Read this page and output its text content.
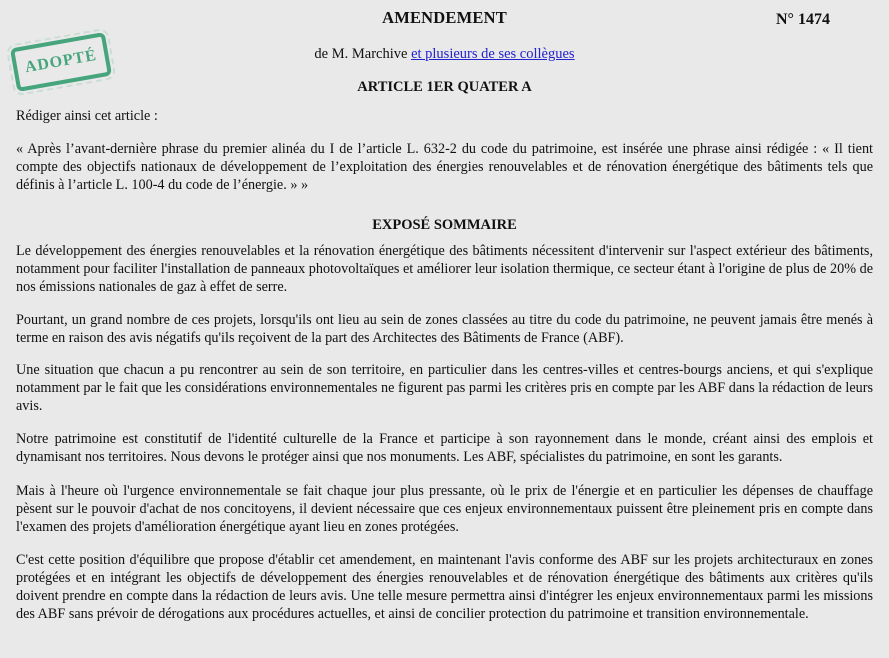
AMENDEMENT	N° 1474
ADOPTÉ	de M. Marchive et plusieurs de ses collègues
ARTICLE 1ER QUATER A

Rédiger ainsi cet article :

« Après l’avant-dernière phrase du premier alinéa du I de l’article L. 632-2 du code du patrimoine, est insérée une phrase ainsi rédigée : « Il tient compte des objectifs nationaux de développement de l’exploitation des énergies renouvelables et de rénovation énergétique des bâtiments tels que définis à l’article L. 100-4 du code de l’énergie. » »

EXPOSÉ SOMMAIRE

Le développement des énergies renouvelables et la rénovation énergétique des bâtiments nécessitent d'intervenir sur l'aspect extérieur des bâtiments, notamment pour faciliter l'installation de panneaux photovoltaïques et améliorer leur isolation thermique, ce secteur étant à l'origine de plus de 20% de nos émissions nationales de gaz à effet de serre.

Pourtant, un grand nombre de ces projets, lorsqu'ils ont lieu au sein de zones classées au titre du code du patrimoine, ne peuvent jamais être menés à terme en raison des avis négatifs qu'ils reçoivent de la part des Architectes des Bâtiments de France (ABF).

Une situation que chacun a pu rencontrer au sein de son territoire, en particulier dans les centres-villes et centres-bourgs anciens, et qui s'explique notamment par le fait que les considérations environnementales ne figurent pas parmi les critères pris en compte par les ABF dans la rédaction de leurs avis.

Notre patrimoine est constitutif de l'identité culturelle de la France et participe à son rayonnement dans le monde, créant ainsi des emplois et dynamisant nos territoires. Nous devons le protéger ainsi que nos monuments. Les ABF, spécialistes du patrimoine, en sont les garants.

Mais à l'heure où l'urgence environnementale se fait chaque jour plus pressante, où le prix de l'énergie et en particulier les dépenses de chauffage pèsent sur le pouvoir d'achat de nos concitoyens, il devient nécessaire que ces enjeux environnementaux puissent être pleinement pris en compte dans l'examen des projets d'amélioration énergétique ayant lieu en zones protégées.

C'est cette position d'équilibre que propose d'établir cet amendement, en maintenant l'avis conforme des ABF sur les projets architecturaux en zones protégées et en intégrant les objectifs de développement des énergies renouvelables et de rénovation énergétique des bâtiments aux critères qu'ils doivent prendre en compte dans la rédaction de leurs avis. Une telle mesure permettra ainsi d'intégrer les enjeux environnementaux parmi les missions des ABF sans prévoir de dérogations aux procédures actuelles, et ainsi de concilier protection du patrimoine et transition environnementale.
